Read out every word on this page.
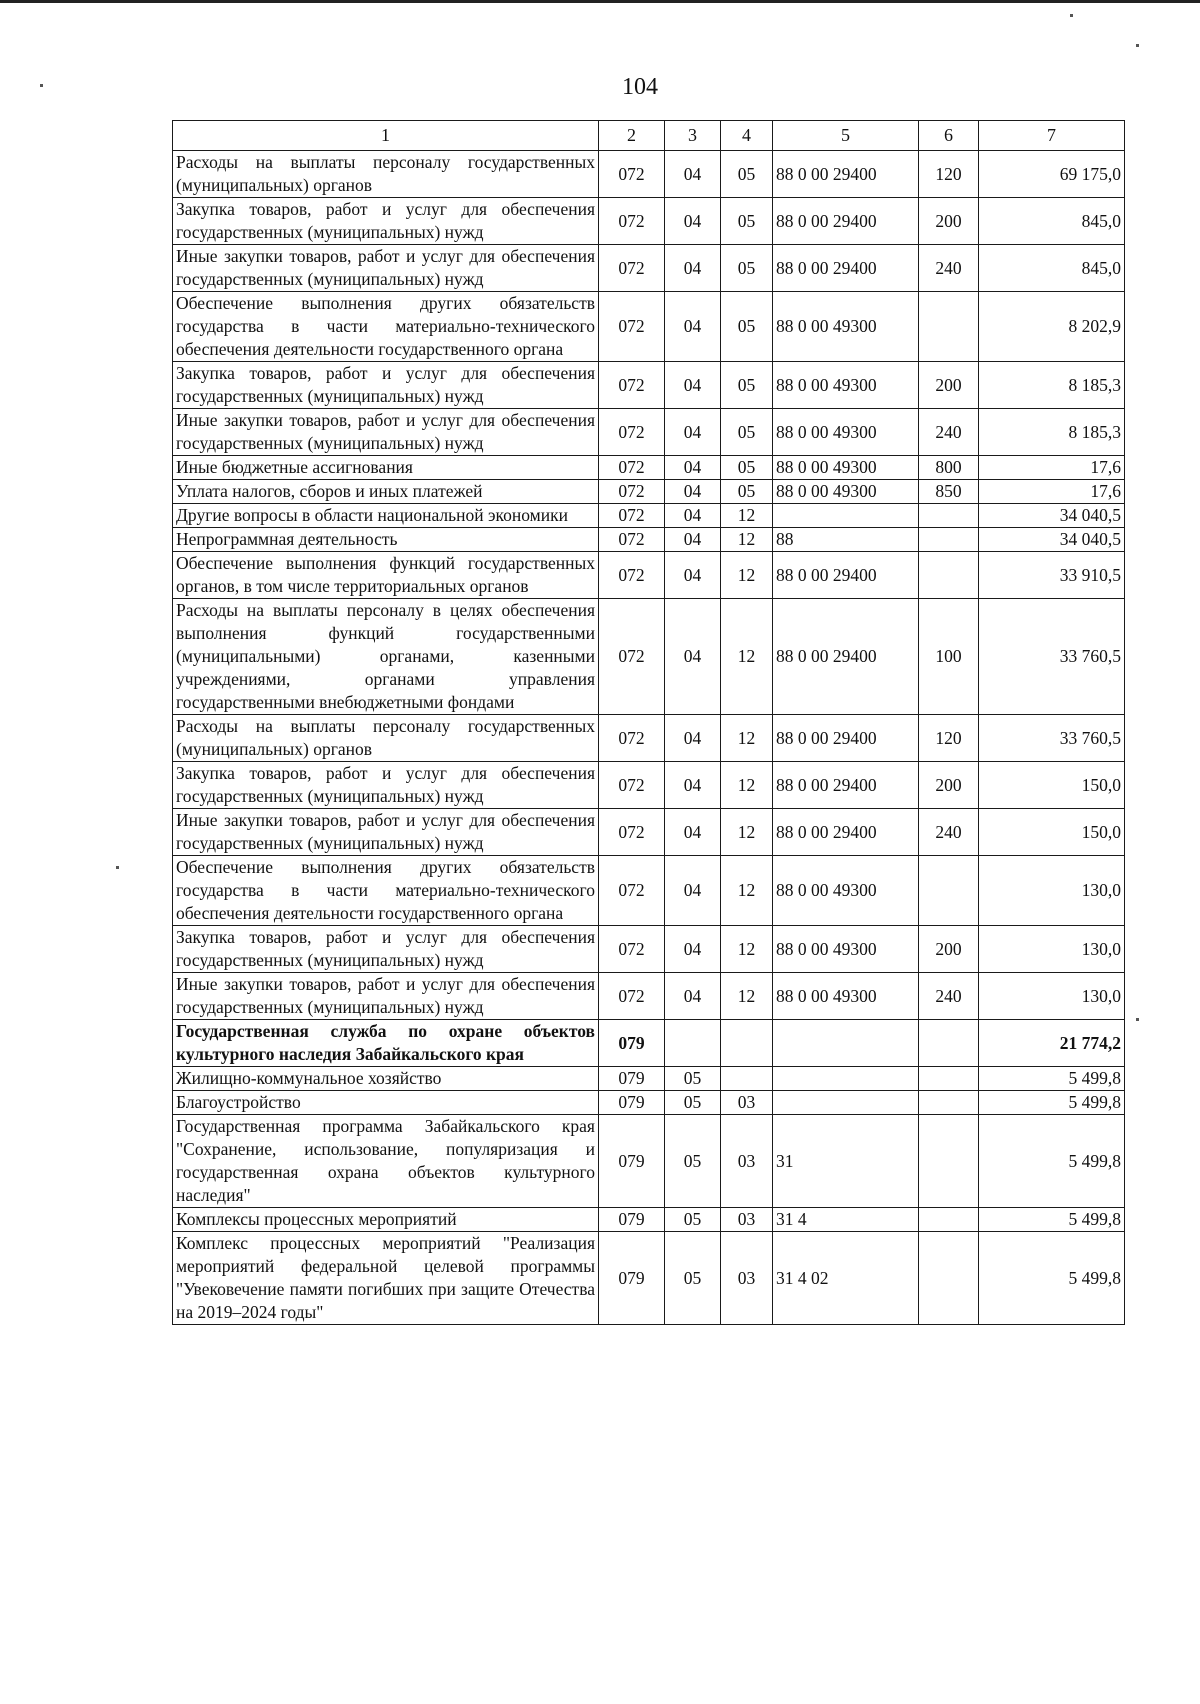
104
1	2	3	4	5	6	7
Расходы на выплаты персоналу государственных (муниципальных) органов	072	04	05	88 0 00 29400	120	69 175,0
Закупка товаров, работ и услуг для обеспечения государственных (муниципальных) нужд	072	04	05	88 0 00 29400	200	845,0
Иные закупки товаров, работ и услуг для обеспечения государственных (муниципальных) нужд	072	04	05	88 0 00 29400	240	845,0
Обеспечение выполнения других обязательств государства в части материально-технического обеспечения деятельности государственного органа	072	04	05	88 0 00 49300		8 202,9
Закупка товаров, работ и услуг для обеспечения государственных (муниципальных) нужд	072	04	05	88 0 00 49300	200	8 185,3
Иные закупки товаров, работ и услуг для обеспечения государственных (муниципальных) нужд	072	04	05	88 0 00 49300	240	8 185,3
Иные бюджетные ассигнования	072	04	05	88 0 00 49300	800	17,6
Уплата налогов, сборов и иных платежей	072	04	05	88 0 00 49300	850	17,6
Другие вопросы в области национальной экономики	072	04	12			34 040,5
Непрограммная деятельность	072	04	12	88		34 040,5
Обеспечение выполнения функций государственных органов, в том числе территориальных органов	072	04	12	88 0 00 29400		33 910,5
Расходы на выплаты персоналу в целях обеспечения выполнения функций государственными (муниципальными) органами, казенными учреждениями, органами управления государственными внебюджетными фондами	072	04	12	88 0 00 29400	100	33 760,5
Расходы на выплаты персоналу государственных (муниципальных) органов	072	04	12	88 0 00 29400	120	33 760,5
Закупка товаров, работ и услуг для обеспечения государственных (муниципальных) нужд	072	04	12	88 0 00 29400	200	150,0
Иные закупки товаров, работ и услуг для обеспечения государственных (муниципальных) нужд	072	04	12	88 0 00 29400	240	150,0
Обеспечение выполнения других обязательств государства в части материально-технического обеспечения деятельности государственного органа	072	04	12	88 0 00 49300		130,0
Закупка товаров, работ и услуг для обеспечения государственных (муниципальных) нужд	072	04	12	88 0 00 49300	200	130,0
Иные закупки товаров, работ и услуг для обеспечения государственных (муниципальных) нужд	072	04	12	88 0 00 49300	240	130,0
Государственная служба по охране объектов культурного наследия Забайкальского края	079					21 774,2
Жилищно-коммунальное хозяйство	079	05				5 499,8
Благоустройство	079	05	03			5 499,8
Государственная программа Забайкальского края "Сохранение, использование, популяризация и государственная охрана объектов культурного наследия"	079	05	03	31		5 499,8
Комплексы процессных мероприятий	079	05	03	31 4		5 499,8
Комплекс процессных мероприятий "Реализация мероприятий федеральной целевой программы "Увековечение памяти погибших при защите Отечества на 2019–2024 годы"	079	05	03	31 4 02		5 499,8
